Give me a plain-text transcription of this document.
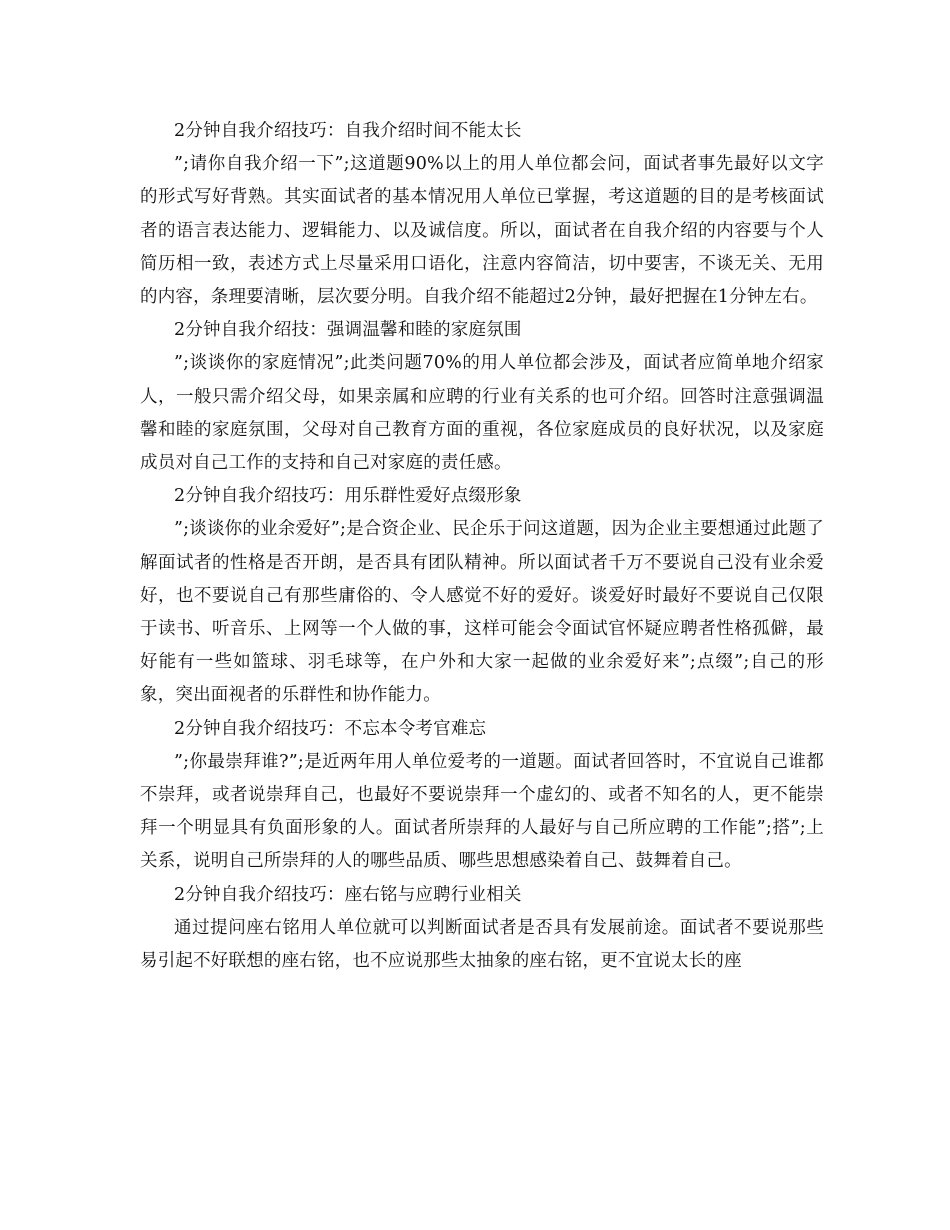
2分钟自我介绍技巧：自我介绍时间不能太长

”;请你自我介绍一下”;这道题90%以上的用人单位都会问，面试者事先最好以文字的形式写好背熟。其实面试者的基本情况用人单位已掌握，考这道题的目的是考核面试者的语言表达能力、逻辑能力、以及诚信度。所以，面试者在自我介绍的内容要与个人简历相一致，表述方式上尽量采用口语化，注意内容简洁，切中要害，不谈无关、无用的内容，条理要清晰，层次要分明。自我介绍不能超过2分钟，最好把握在1分钟左右。

2分钟自我介绍技：强调温馨和睦的家庭氛围

”;谈谈你的家庭情况”;此类问题70%的用人单位都会涉及，面试者应简单地介绍家人，一般只需介绍父母，如果亲属和应聘的行业有关系的也可介绍。回答时注意强调温馨和睦的家庭氛围，父母对自己教育方面的重视，各位家庭成员的良好状况，以及家庭成员对自己工作的支持和自己对家庭的责任感。

2分钟自我介绍技巧：用乐群性爱好点缀形象

”;谈谈你的业余爱好”;是合资企业、民企乐于问这道题，因为企业主要想通过此题了解面试者的性格是否开朗，是否具有团队精神。所以面试者千万不要说自己没有业余爱好，也不要说自己有那些庸俗的、令人感觉不好的爱好。谈爱好时最好不要说自己仅限于读书、听音乐、上网等一个人做的事，这样可能会令面试官怀疑应聘者性格孤僻，最好能有一些如篮球、羽毛球等，在户外和大家一起做的业余爱好来”;点缀”;自己的形象，突出面视者的乐群性和协作能力。

2分钟自我介绍技巧：不忘本令考官难忘

”;你最崇拜谁?”;是近两年用人单位爱考的一道题。面试者回答时，不宜说自己谁都不崇拜，或者说崇拜自己，也最好不要说崇拜一个虚幻的、或者不知名的人，更不能崇拜一个明显具有负面形象的人。面试者所崇拜的人最好与自己所应聘的工作能”;搭”;上关系，说明自己所崇拜的人的哪些品质、哪些思想感染着自己、鼓舞着自己。

2分钟自我介绍技巧：座右铭与应聘行业相关

通过提问座右铭用人单位就可以判断面试者是否具有发展前途。面试者不要说那些易引起不好联想的座右铭，也不应说那些太抽象的座右铭，更不宜说太长的座
